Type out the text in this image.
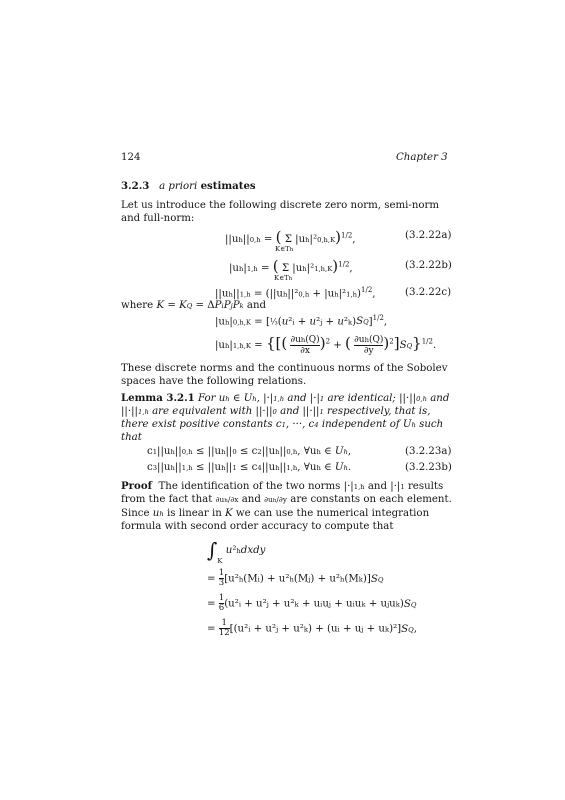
124	Chapter 3
3.2.3 a priori estimates
Let us introduce the following discrete zero norm, semi-norm and full-norm:
||uh||0,h = ( Σ |uh|²0,h,K)$^{1/2}$,
K∈Th
(3.2.22a)
|uh|1,h = ( Σ |uh|²1,h,K)$^{1/2}$,
K∈Th
(3.2.22b)
$||uh||1,h = (||uh||^20,h + |uh|^21,h)^{1/2}$,	(3.2.22c)
where K = KQ = ΔPiPjPk and
|uh|0,h,K = [⅓(u²i + u²j + u²k)SQ]$^{1/2}$,
|uh|1,h,K = {[( $\frac{\partial uh(Q)}{\partial x} )^2$ + ( $\frac{\partial uh(Q)}{\partial y} )^2]SQ\}^{1/2}$.
These discrete norms and the continuous norms of the Sobolev spaces have the following relations.
Lemma 3.2.1 For uh ∈ Uh, |·|1,h and |·|1 are identical; ||·||0,h and ||·||1,h are equivalent with ||·||0 and ||·||1 respectively, that is, there exist positive constants c1, ···, c4 independent of Uh such that
c1||uh||0,h ≤ ||uh||0 ≤ c2||uh||0,h, ∀uh ∈ Uh,	(3.2.23a)
c3||uh||1,h ≤ ||uh||1 ≤ c4||uh||1,h, ∀uh ∈ Uh.	(3.2.23b)
Proof  The identification of the two norms |·|1,h and |·|1 results from the fact that ∂uh/∂x and ∂uh/∂y are constants on each element. Since uh is linear in K we can use the numerical integration formula with second order accuracy to compute that
$\int_K$ u²hdxdy
= $\frac{1}{3} [u^2h(Mi) + u^2h(Mj) + u^2h(Mk)]SQ$
= $\frac{1}{6} (u^2i + u^2j + u^2k$ + uiuj + uiuk + ujuk)SQ
= $\frac{1}{12} [(u^2i + u^2j + u^2k) + (ui$ + uj + uk)²]SQ,
